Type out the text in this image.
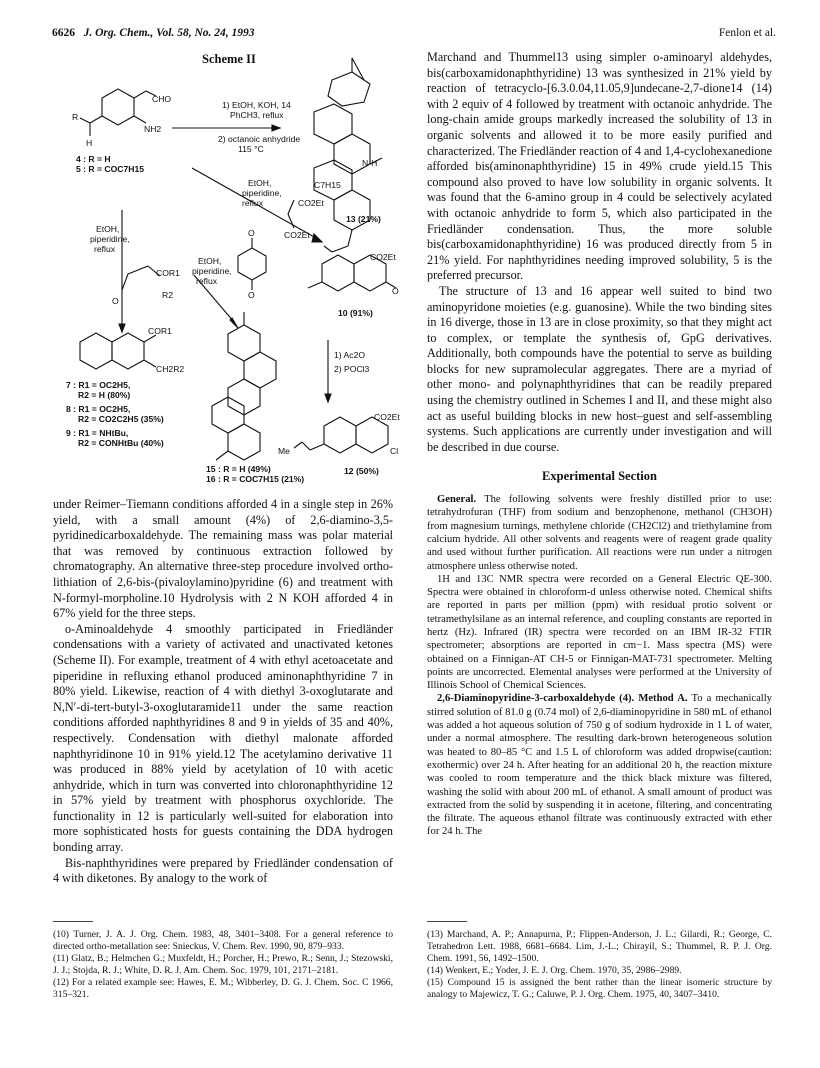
6626 J. Org. Chem., Vol. 58, No. 24, 1993	Fenlon et al.
Scheme II
1) EtOH, KOH, 14
PhCH3, reflux
2) octanoic anhydride
115 °C
CHO
NH2
R
H
4 : R = H
5 : R = COC7H15
EtOH,
piperidine,
reflux	CO2Et
CO2Et
C7H15
N-H
13 (21%)
EtOH,
piperidine,
reflux
COR1
R2
O
EtOH,
piperidine,
reflux
O
O
CO2Et
O
10 (91%)
1) Ac2O
2) POCl3
CO2Et
Me	Cl
12 (50%)
COR1
CH2R2
7 : R1 = OC2H5,
R2 = H (80%)
8 : R1 = OC2H5,
R2 = CO2C2H5 (35%)
9 : R1 = NHtBu,
R2 = CONHtBu (40%)
15 : R = H (49%)
16 : R = COC7H15 (21%)

under Reimer–Tiemann conditions afforded 4 in a single step in 26% yield, with a small amount (4%) of 2,6-diamino-3,5-pyridinedicarboxaldehyde. The remaining mass was polar material that was removed by continuous extraction followed by chromatography. An alternative three-step procedure involved ortho-lithiation of 2,6-bis-(pivaloylamino)pyridine (6) and treatment with N-formyl-morpholine.10 Hydrolysis with 2 N KOH afforded 4 in 67% yield for the three steps.

o-Aminoaldehyde 4 smoothly participated in Friedländer condensations with a variety of activated and unactivated ketones (Scheme II). For example, treatment of 4 with ethyl acetoacetate and piperidine in refluxing ethanol produced aminonaphthyridine 7 in 80% yield. Likewise, reaction of 4 with diethyl 3-oxoglutarate and N,N′-di-tert-butyl-3-oxoglutaramide11 under the same reaction conditions afforded naphthyridines 8 and 9 in yields of 35 and 40%, respectively. Condensation with diethyl malonate afforded naphthyridinone 10 in 91% yield.12 The acetylamino derivative 11 was produced in 88% yield by acetylation of 10 with acetic anhydride, which in turn was converted into chloronaphthyridine 12 in 57% yield by treatment with phosphorus oxychloride. The functionality in 12 is particularly well-suited for elaboration into more sophisticated hosts for guests containing the DDA hydrogen bonding array.

Bis-naphthyridines were prepared by Friedländer condensation of 4 with diketones. By analogy to the work of

Marchand and Thummel13 using simpler o-aminoaryl aldehydes, bis(carboxamidonaphthyridine) 13 was synthesized in 21% yield by reaction of tetracyclo-[6.3.0.04,11.05,9]undecane-2,7-dione14 (14) with 2 equiv of 4 followed by treatment with octanoic anhydride. The long-chain amide groups markedly increased the solubility of 13 in organic solvents and allowed it to be more easily purified and characterized. The Friedländer reaction of 4 and 1,4-cyclohexanedione afforded bis(aminonaphthyridine) 15 in 49% crude yield.15 This compound also proved to have low solubility in organic solvents. It was found that the 6-amino group in 4 could be selectively acylated with octanoic anhydride to form 5, which also participated in the Friedländer condensation. Thus, the more soluble bis(carboxamidonaphthyridine) 16 was produced directly from 5 in 21% yield. For naphthyridines needing improved solubility, 5 is the preferred precursor.

The structure of 13 and 16 appear well suited to bind two aminopyridone moieties (e.g. guanosine). While the two binding sites in 16 diverge, those in 13 are in close proximity, so that they might act to complex, or template the synthesis of, GpG derivatives. Additionally, both compounds have the potential to serve as building blocks for new supramolecular aggregates. There are a myriad of other mono- and polynaphthyridines that can be readily prepared using the chemistry outlined in Schemes I and II, and these might also act as useful building blocks in new host–guest and self-assembling systems. Such applications are currently under investigation and will be described in due course.

Experimental Section

General. The following solvents were freshly distilled prior to use: tetrahydrofuran (THF) from sodium and benzophenone, methanol (CH3OH) from magnesium turnings, methylene chloride (CH2Cl2) and triethylamine from calcium hydride. All other solvents and reagents were of reagent grade quality and used without further purification. All reactions were run under a nitrogen atmosphere unless otherwise noted.

1H and 13C NMR spectra were recorded on a General Electric QE-300. Spectra were obtained in chloroform-d unless otherwise noted. Chemical shifts are reported in parts per million (ppm) with residual protio solvent or tetramethylsilane as an internal reference, and coupling constants are reported in hertz (Hz). Infrared (IR) spectra were recorded on an IBM IR-32 FTIR spectrometer; absorptions are reported in cm−1. Mass spectra (MS) were obtained on a Finnigan-AT CH-5 or Finnigan-MAT-731 spectrometer. Melting points are uncorrected. Elemental analyses were performed at the University of Illinois School of Chemical Sciences.

2,6-Diaminopyridine-3-carboxaldehyde (4). Method A. To a mechanically stirred solution of 81.0 g (0.74 mol) of 2,6-diaminopyridine in 580 mL of ethanol was added a hot aqueous solution of 750 g of sodium hydroxide in 1 L of water, under a normal atmosphere. The resulting dark-brown heterogeneous solution was heated to 80–85 °C and 1.5 L of chloroform was added dropwise(caution: exothermic) over 24 h. After heating for an additional 20 h, the reaction mixture was cooled to room temperature and the thick black mixture was filtered, washing the solid with about 200 mL of ethanol. A small amount of product was extracted from the solid by suspending it in acetone, filtering, and concentrating the filtrate. The aqueous ethanol filtrate was continuously extracted with ether for 24 h. The

(10) Turner, J. A. J. Org. Chem. 1983, 48, 3401–3408. For a general reference to directed ortho-metallation see: Snieckus, V. Chem. Rev. 1990, 90, 879–933.

(11) Glatz, B.; Helmchen G.; Muxfeldt, H.; Porcher, H.; Prewo, R.; Senn, J.; Stezowski, J. J.; Stojda, R. J.; White, D. R. J. Am. Chem. Soc. 1979, 101, 2171–2181.

(12) For a related example see: Hawes, E. M.; Wibberley, D. G. J. Chem. Soc. C 1966, 315–321.

(13) Marchand, A. P.; Annapurna, P.; Flippen-Anderson, J. L.; Gilardi, R.; George, C. Tetrahedron Lett. 1988, 6681–6684. Lim, J.-L.; Chirayil, S.; Thummel, R. P. J. Org. Chem. 1991, 56, 1492–1500.

(14) Wenkert, E.; Yoder, J. E. J. Org. Chem. 1970, 35, 2986–2989.

(15) Compound 15 is assigned the bent rather than the linear isomeric structure by analogy to Majewicz, T. G.; Caluwe, P. J. Org. Chem. 1975, 40, 3407–3410.
